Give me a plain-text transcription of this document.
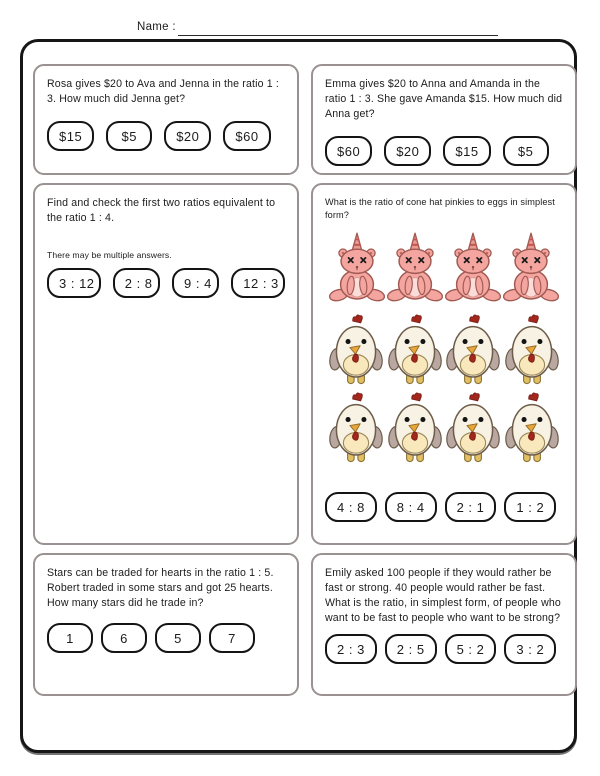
Name :
Rosa gives $20 to Ava and Jenna in the ratio 1 : 3. How much did Jenna get?
$15	$5	$20	$60
Emma gives $20 to Anna and Amanda in the ratio 1 : 3. She gave Amanda $15. How much did Anna get?
$60	$20	$15	$5
Find and check the first two ratios equivalent to the ratio 1 : 4.
There may be multiple answers.
3 : 12	2 : 8	9 : 4	12 : 3
What is the ratio of cone hat pinkies to eggs in simplest form?
4 : 8	8 : 4	2 : 1	1 : 2
Stars can be traded for hearts in the ratio 1 : 5. Robert traded in some stars and got 25 hearts. How many stars did he trade in?
1	6	5	7
Emily asked 100 people if they would rather be fast or strong. 40 people would rather be fast. What is the ratio, in simplest form, of people who want to be fast to people who want to be strong?
2 : 3	2 : 5	5 : 2	3 : 2
